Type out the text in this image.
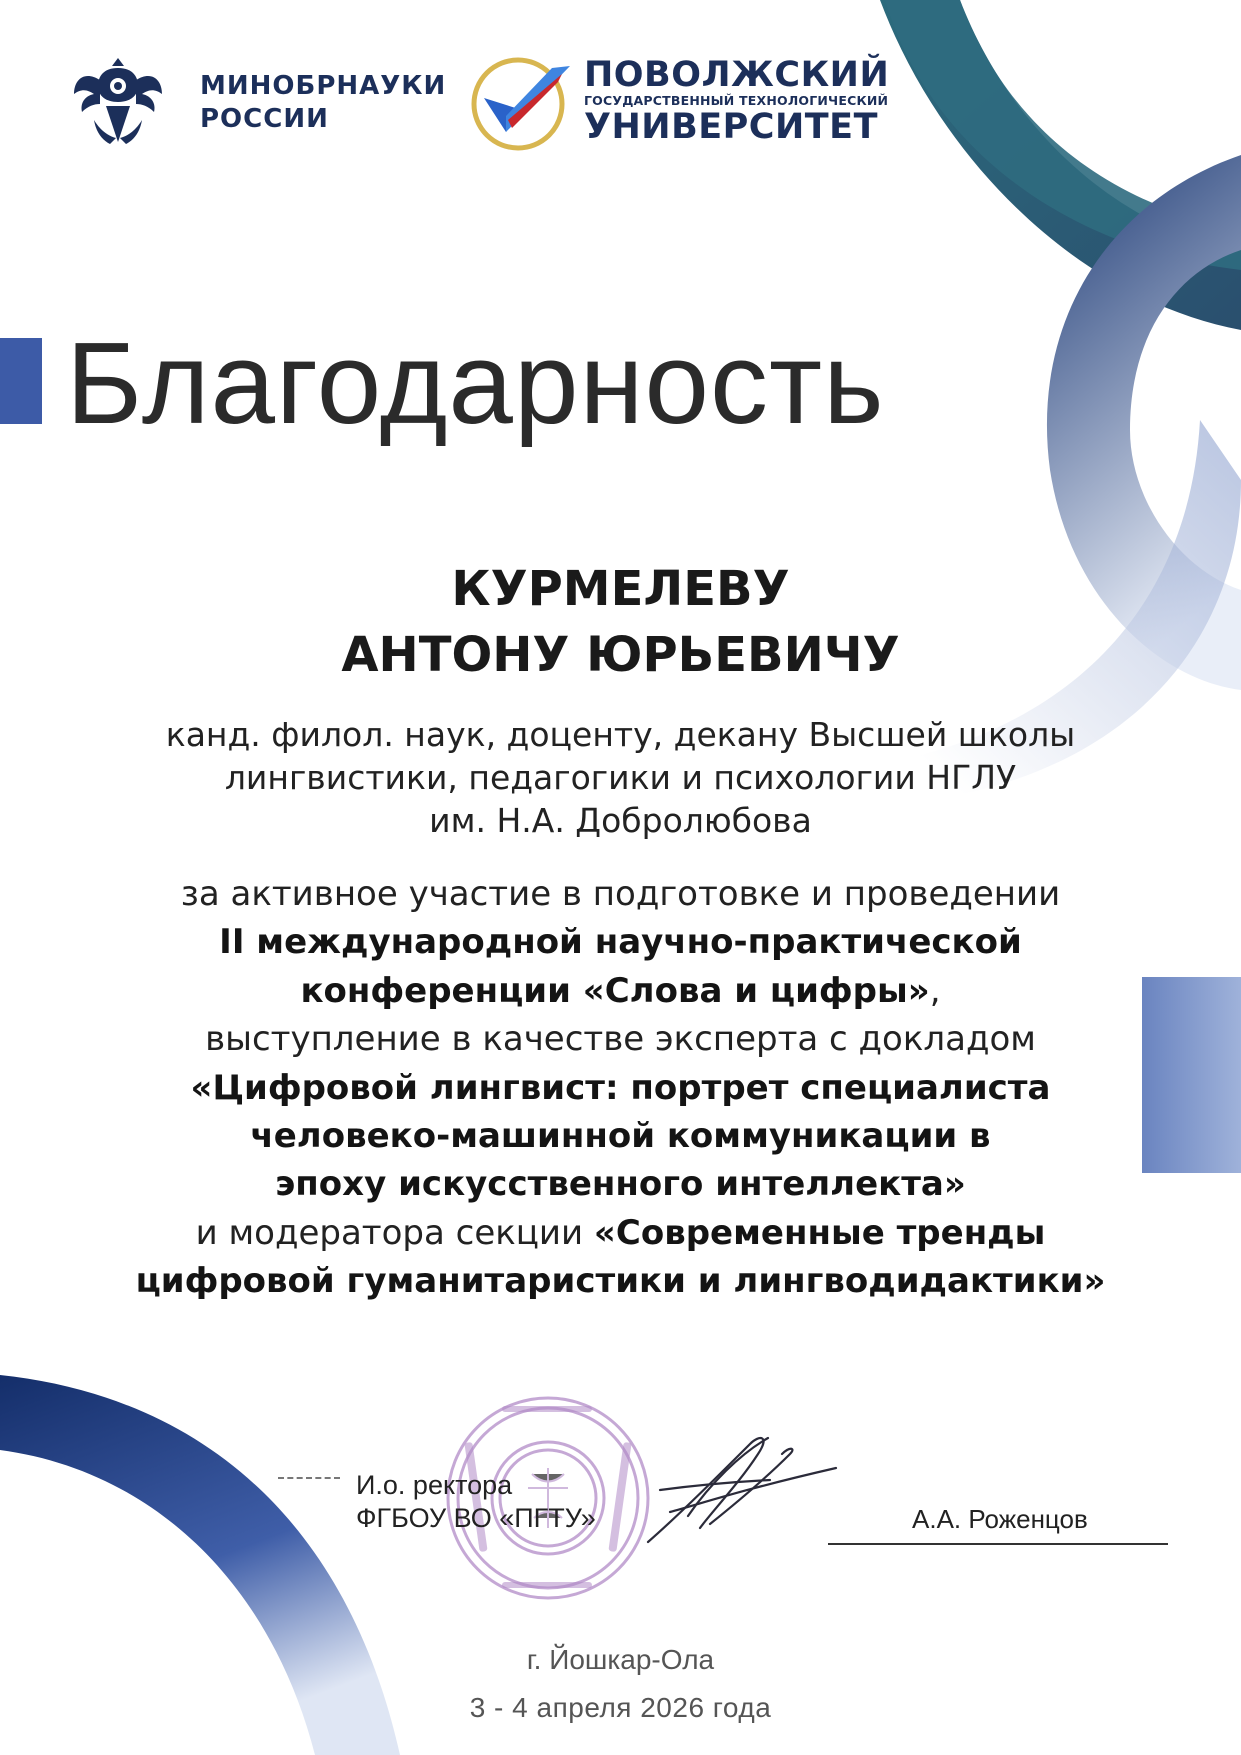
МИНОБРНАУКИ
РОССИИ
ПОВОЛЖСКИЙ
ГОСУДАРСТВЕННЫЙ ТЕХНОЛОГИЧЕСКИЙ
УНИВЕРСИТЕТ
Благодарность
КУРМЕЛЕВУ
АНТОНУ ЮРЬЕВИЧУ
канд. филол. наук, доценту, декану Высшей школы
лингвистики, педагогики и психологии НГЛУ
им. Н.А. Добролюбова
за активное участие в подготовке и проведении
II международной научно-практической
конференции «Слова и цифры»,
выступление в качестве эксперта с докладом
«Цифровой лингвист: портрет специалиста
человеко-машинной коммуникации в
эпоху искусственного интеллекта»
и модератора секции «Современные тренды
цифровой гуманитаристики и лингводидактики»
И.о. ректора
ФГБОУ ВО «ПГТУ»	А.А. Роженцов
г. Йошкар-Ола
3 - 4 апреля 2026 года
